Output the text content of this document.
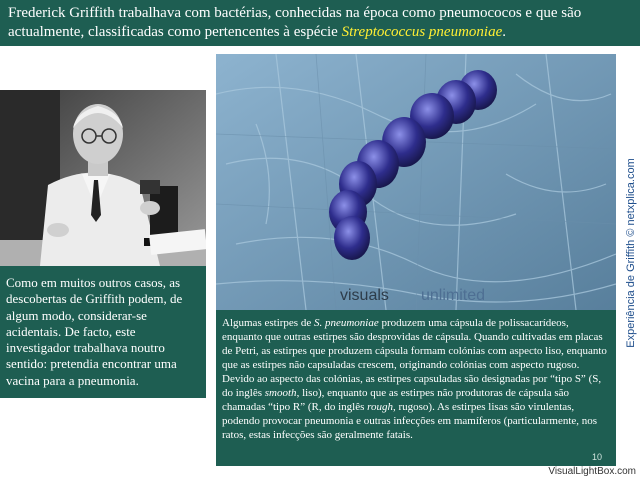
Frederick Griffith trabalhava com bactérias, conhecidas na época como pneumococos e que são actualmente, classificadas como pertencentes à espécie Streptococcus pneumoniae.
Como em muitos outros casos, as descobertas de Griffith podem, de algum modo, considerar-se acidentais. De facto, este investigador trabalhava noutro sentido: pretendia encontrar uma vacina para a pneumonia.
visuals unlimited
Algumas estirpes de S. pneumoniae produzem uma cápsula de polissacarídeos, enquanto que outras estirpes são desprovidas de cápsula. Quando cultivadas em placas de Petri, as estirpes que produzem cápsula formam colónias com aspecto liso, enquanto que as estirpes não capsuladas crescem, originando colónias com aspecto rugoso. Devido ao aspecto das colónias, as estirpes capsuladas são designadas por “tipo S” (S, do inglês smooth, liso), enquanto que as estirpes não produtoras de cápsula são chamadas “tipo R” (R, do inglês rough, rugoso). As estirpes lisas são virulentas, podendo provocar pneumonia e outras infecções em mamíferos (particularmente, nos ratos, estas infecções são geralmente fatais.
10
Experiência de Griffith © netxplica.com
VisualLightBox.com
